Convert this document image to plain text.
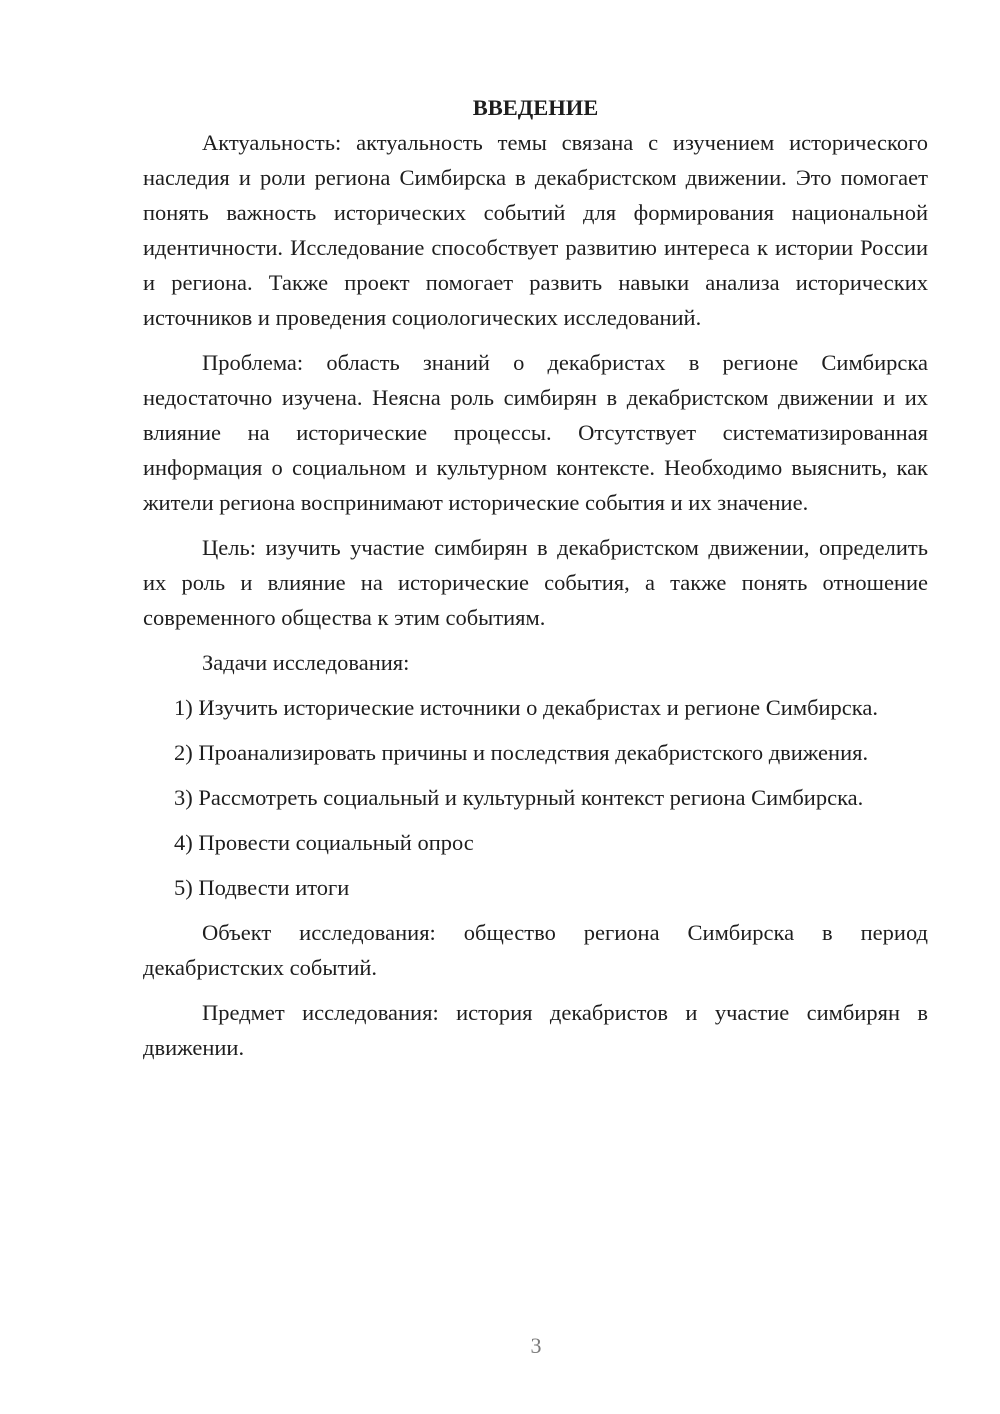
ВВЕДЕНИЕ

Актуальность: актуальность темы связана с изучением исторического наследия и роли региона Симбирска в декабристском движении. Это помогает понять важность исторических событий для формирования национальной идентичности. Исследование способствует развитию интереса к истории России и региона. Также проект помогает развить навыки анализа исторических источников и проведения социологических исследований.

Проблема: область знаний о декабристах в регионе Симбирска недостаточно изучена. Неясна роль симбирян в декабристском движении и их влияние на исторические процессы. Отсутствует систематизированная информация о социальном и культурном контексте. Необходимо выяснить, как жители региона воспринимают исторические события и их значение.

Цель: изучить участие симбирян в декабристском движении, определить их роль и влияние на исторические события, а также понять отношение современного общества к этим событиям.

Задачи исследования:

1) Изучить исторические источники о декабристах и регионе Симбирска.

2) Проанализировать причины и последствия декабристского движения.

3) Рассмотреть социальный и культурный контекст региона Симбирска.

4) Провести социальный опрос

5) Подвести итоги

Объект исследования: общество региона Симбирска в период декабристских событий.

Предмет исследования: история декабристов и участие симбирян в движении.

3
